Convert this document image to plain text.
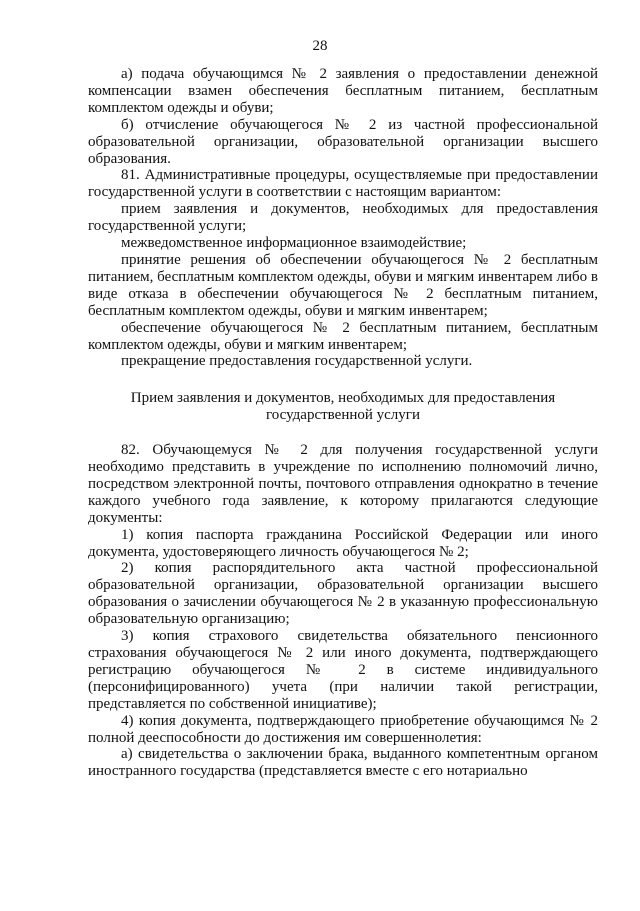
28

а) подача обучающимся № 2 заявления о предоставлении денежной компенсации взамен обеспечения бесплатным питанием, бесплатным комплектом одежды и обуви;

б) отчисление обучающегося № 2 из частной профессиональной образовательной организации, образовательной организации высшего образования.

81. Административные процедуры, осуществляемые при предоставлении государственной услуги в соответствии с настоящим вариантом:

прием заявления и документов, необходимых для предоставления государственной услуги;

межведомственное информационное взаимодействие;

принятие решения об обеспечении обучающегося № 2 бесплатным питанием, бесплатным комплектом одежды, обуви и мягким инвентарем либо в виде отказа в обеспечении обучающегося № 2 бесплатным питанием, бесплатным комплектом одежды, обуви и мягким инвентарем;

обеспечение обучающегося № 2 бесплатным питанием, бесплатным комплектом одежды, обуви и мягким инвентарем;

прекращение предоставления государственной услуги.

Прием заявления и документов, необходимых для предоставления государственной услуги

82. Обучающемуся № 2 для получения государственной услуги необходимо представить в учреждение по исполнению полномочий лично, посредством электронной почты, почтового отправления однократно в течение каждого учебного года заявление, к которому прилагаются следующие документы:

1) копия паспорта гражданина Российской Федерации или иного документа, удостоверяющего личность обучающегося № 2;

2) копия распорядительного акта частной профессиональной образовательной организации, образовательной организации высшего образования о зачислении обучающегося № 2 в указанную профессиональную образовательную организацию;

3) копия страхового свидетельства обязательного пенсионного страхования обучающегося № 2 или иного документа, подтверждающего регистрацию обучающегося № 2 в системе индивидуального (персонифицированного) учета (при наличии такой регистрации, представляется по собственной инициативе);

4) копия документа, подтверждающего приобретение обучающимся № 2 полной дееспособности до достижения им совершеннолетия:

а) свидетельства о заключении брака, выданного компетентным органом иностранного государства (представляется вместе с его нотариально
